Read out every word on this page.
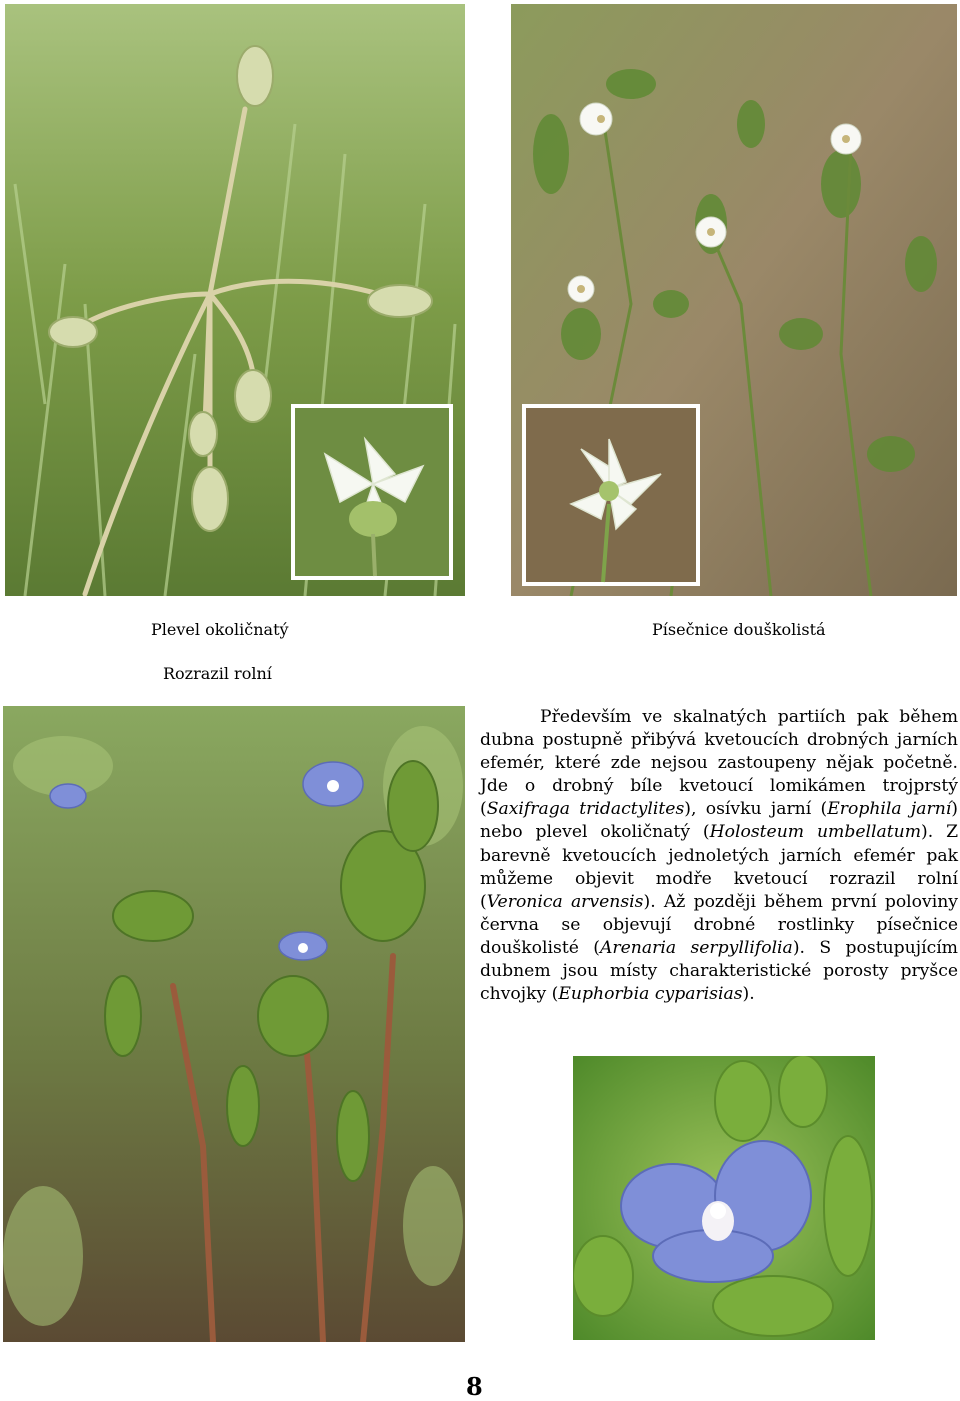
Plevel okoličnatý	Písečnice douškolistá
Rozrazil rolní

Především ve skalnatých partiích pak během dubna postupně přibývá kvetoucích drobných jarních efemér, které zde nejsou zastoupeny nějak početně. Jde o drobný bíle kvetoucí lomikámen trojprstý (Saxifraga tridactylites), osívku jarní (Erophila jarní) nebo plevel okoličnatý (Holosteum umbellatum). Z barevně kvetoucích jednoletých jarních efemér pak můžeme objevit modře kvetoucí rozrazil rolní (Veronica arvensis). Až později během první poloviny června se objevují drobné rostlinky písečnice douškolisté (Arenaria serpyllifolia). S postupujícím dubnem jsou místy charakteristické porosty pryšce chvojky (Euphorbia cyparisias).

8
